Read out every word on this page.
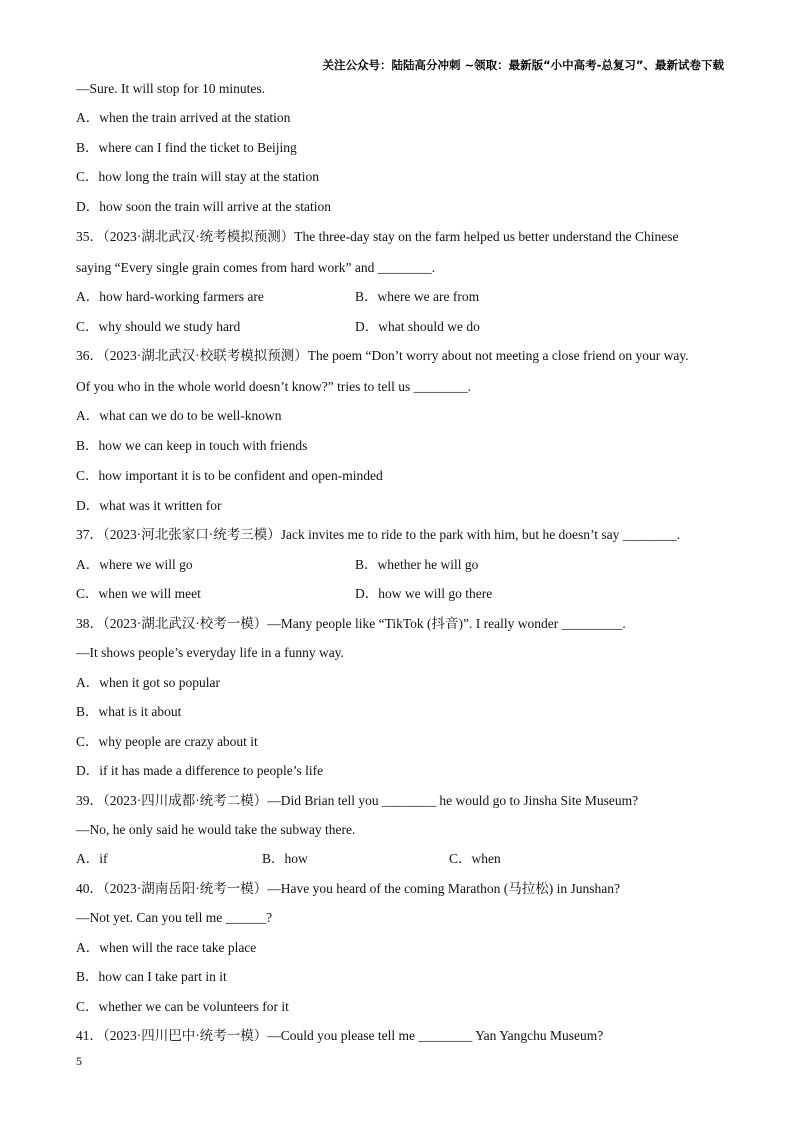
关注公众号：陆陆高分冲刺 ~领取：最新版“小中高考-总复习”、最新试卷下载
—Sure. It will stop for 10 minutes.
A．when the train arrived at the station
B．where can I find the ticket to Beijing
C．how long the train will stay at the station
D．how soon the train will arrive at the station
35．（2023·湖北武汉·统考模拟预测）The three-day stay on the farm helped us better understand the Chinese
saying “Every single grain comes from hard work” and ________.
A．how hard-working farmers are	B．where we are from
C．why should we study hard	D．what should we do
36．（2023·湖北武汉·校联考模拟预测）The poem “Don’t worry about not meeting a close friend on your way.
Of you who in the whole world doesn’t know?” tries to tell us ________.
A．what can we do to be well-known
B．how we can keep in touch with friends
C．how important it is to be confident and open-minded
D．what was it written for
37．（2023·河北张家口·统考三模）Jack invites me to ride to the park with him, but he doesn’t say ________.
A．where we will go	B．whether he will go
C．when we will meet	D．how we will go there
38．（2023·湖北武汉·校考一模）—Many people like “TikTok (抖音)”. I really wonder _________.
—It shows people’s everyday life in a funny way.
A．when it got so popular
B．what is it about
C．why people are crazy about it
D．if it has made a difference to people’s life
39．（2023·四川成都·统考二模）—Did Brian tell you ________ he would go to Jinsha Site Museum?
—No, he only said he would take the subway there.
A．if	B．how	C．when
40．（2023·湖南岳阳·统考一模）—Have you heard of the coming Marathon (马拉松) in Junshan?
—Not yet. Can you tell me ______?
A．when will the race take place
B．how can I take part in it
C．whether we can be volunteers for it
41．（2023·四川巴中·统考一模）—Could you please tell me ________ Yan Yangchu Museum?
5
